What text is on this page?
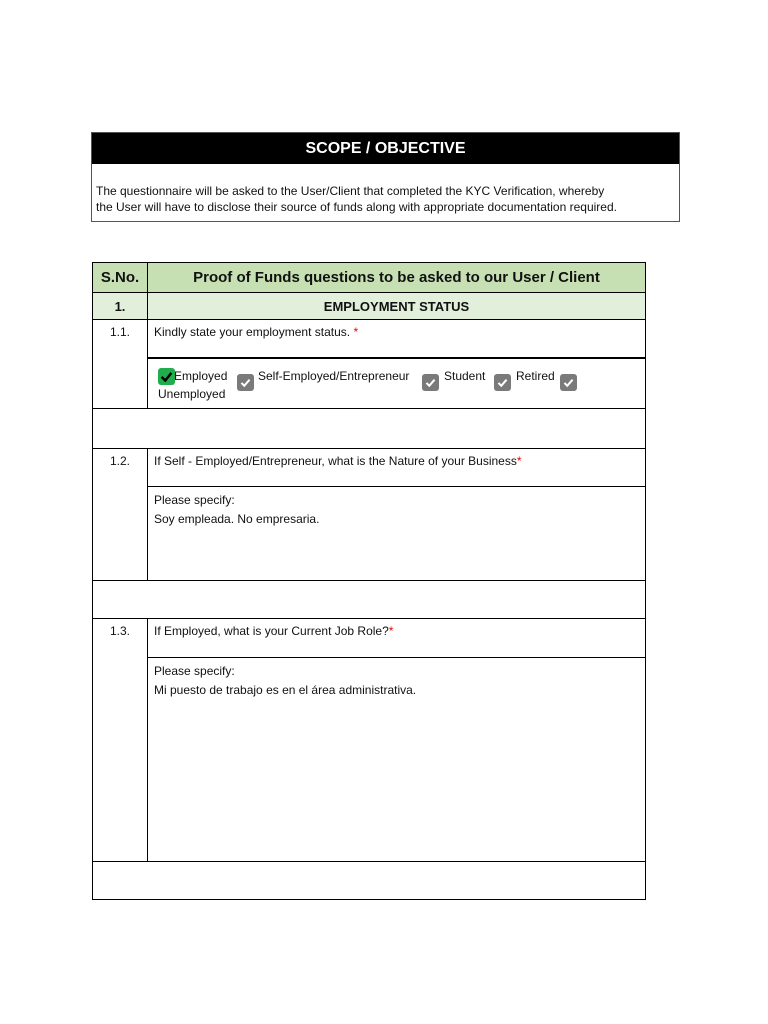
SCOPE / OBJECTIVE
The questionnaire will be asked to the User/Client that completed the KYC Verification, whereby
the User will have to disclose their source of funds along with appropriate documentation required.
S.No.	Proof of Funds questions to be asked to our User / Client
1.	EMPLOYMENT STATUS
1.1.	Kindly state your employment status. *

	Employed Self-Employed/Entrepreneur Student Retired
Unemployed

1.2.	If Self - Employed/Entrepreneur, what is the Nature of your Business*

	Please specify:
Soy empleada. No empresaria.

1.3.	If Employed, what is your Current Job Role?*

	Please specify:
Mi puesto de trabajo es en el área administrativa.
